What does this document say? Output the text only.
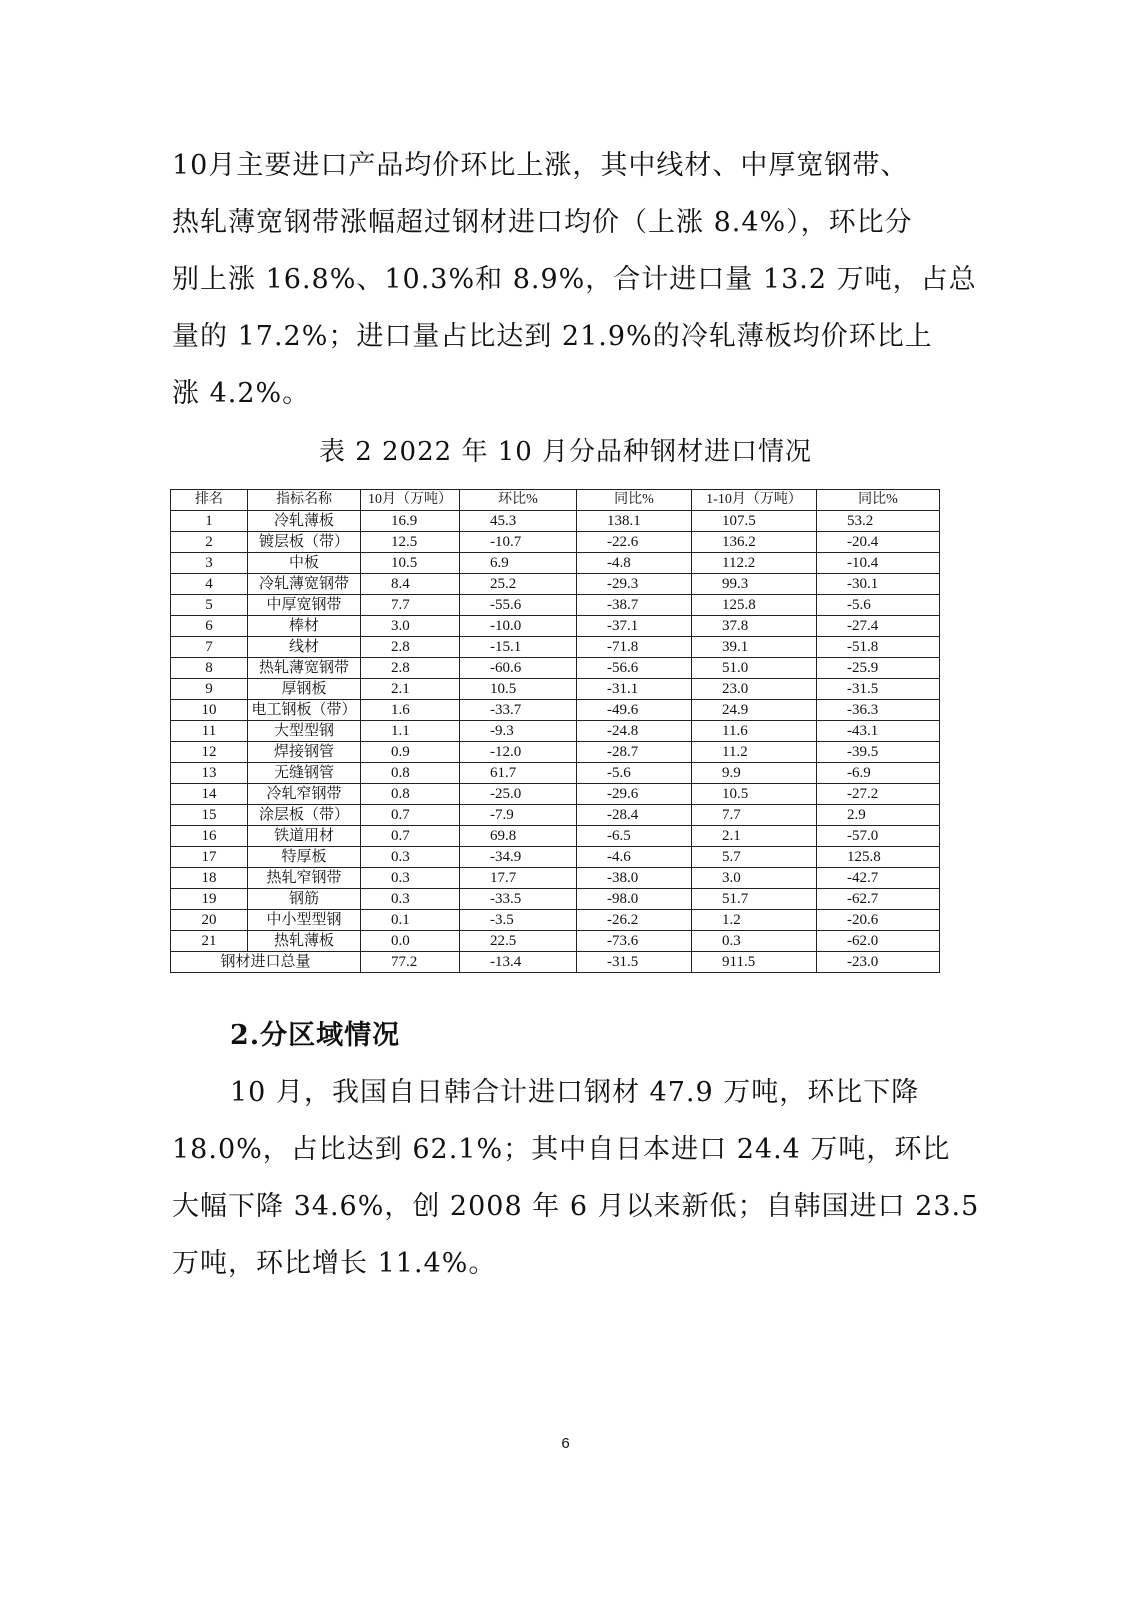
10月主要进口产品均价环比上涨，其中线材、中厚宽钢带、
热轧薄宽钢带涨幅超过钢材进口均价（上涨 8.4%），环比分
别上涨 16.8%、10.3%和 8.9%，合计进口量 13.2 万吨，占总
量的 17.2%；进口量占比达到 21.9%的冷轧薄板均价环比上
涨 4.2%。
表 2 2022 年 10 月分品种钢材进口情况
排名	指标名称	10月（万吨）	环比%	同比%	1-10月（万吨）	同比%
1	冷轧薄板	16.9	45.3	138.1	107.5	53.2
2	镀层板（带）	12.5	-10.7	-22.6	136.2	-20.4
3	中板	10.5	6.9	-4.8	112.2	-10.4
4	冷轧薄宽钢带	8.4	25.2	-29.3	99.3	-30.1
5	中厚宽钢带	7.7	-55.6	-38.7	125.8	-5.6
6	棒材	3.0	-10.0	-37.1	37.8	-27.4
7	线材	2.8	-15.1	-71.8	39.1	-51.8
8	热轧薄宽钢带	2.8	-60.6	-56.6	51.0	-25.9
9	厚钢板	2.1	10.5	-31.1	23.0	-31.5
10	电工钢板（带）	1.6	-33.7	-49.6	24.9	-36.3
11	大型型钢	1.1	-9.3	-24.8	11.6	-43.1
12	焊接钢管	0.9	-12.0	-28.7	11.2	-39.5
13	无缝钢管	0.8	61.7	-5.6	9.9	-6.9
14	冷轧窄钢带	0.8	-25.0	-29.6	10.5	-27.2
15	涂层板（带）	0.7	-7.9	-28.4	7.7	2.9
16	铁道用材	0.7	69.8	-6.5	2.1	-57.0
17	特厚板	0.3	-34.9	-4.6	5.7	125.8
18	热轧窄钢带	0.3	17.7	-38.0	3.0	-42.7
19	钢筋	0.3	-33.5	-98.0	51.7	-62.7
20	中小型型钢	0.1	-3.5	-26.2	1.2	-20.6
21	热轧薄板	0.0	22.5	-73.6	0.3	-62.0
钢材进口总量		77.2	-13.4	-31.5	911.5	-23.0
2.分区域情况
10 月，我国自日韩合计进口钢材 47.9 万吨，环比下降
18.0%，占比达到 62.1%；其中自日本进口 24.4 万吨，环比
大幅下降 34.6%，创 2008 年 6 月以来新低；自韩国进口 23.5
万吨，环比增长 11.4%。
6
